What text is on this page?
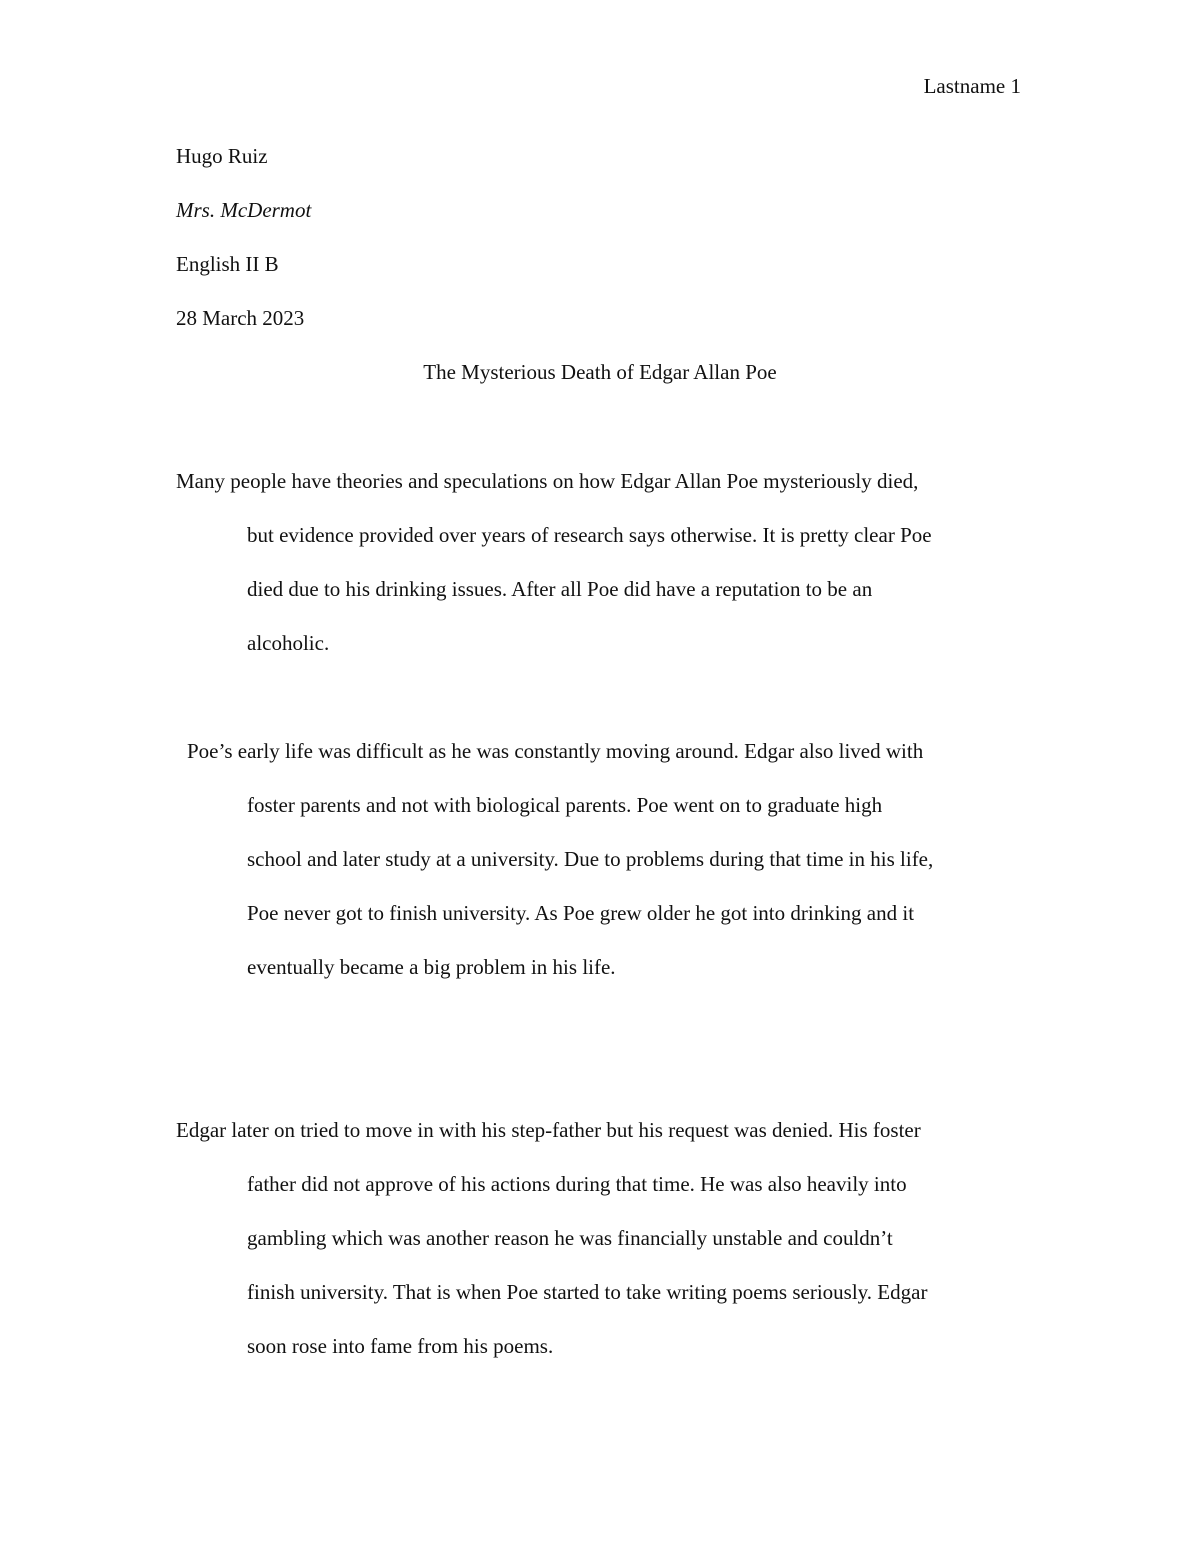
Lastname 1
Hugo Ruiz
Mrs. McDermot
English II B
28 March 2023
The Mysterious Death of Edgar Allan Poe
Many people have theories and speculations on how Edgar Allan Poe mysteriously died,
but evidence provided over years of research says otherwise. It is pretty clear Poe
died due to his drinking issues. After all Poe did have a reputation to be an
alcoholic.
Poe’s early life was difficult as he was constantly moving around. Edgar also lived with
foster parents and not with biological parents. Poe went on to graduate high
school and later study at a university. Due to problems during that time in his life,
Poe never got to finish university. As Poe grew older he got into drinking and it
eventually became a big problem in his life.
Edgar later on tried to move in with his step-father but his request was denied. His foster
father did not approve of his actions during that time. He was also heavily into
gambling which was another reason he was financially unstable and couldn’t
finish university. That is when Poe started to take writing poems seriously. Edgar
soon rose into fame from his poems.
